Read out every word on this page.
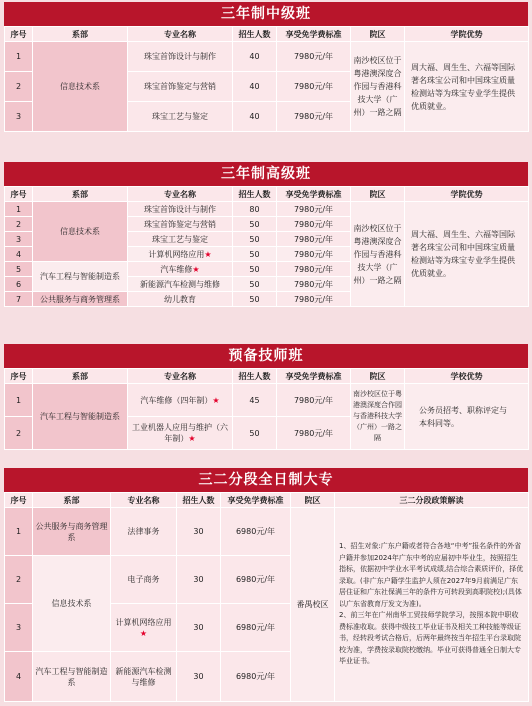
三年制中级班
序号	系部	专业名称	招生人数	享受免学费标准	院区	学院优势
1	信息技术系	珠宝首饰设计与制作	40	7980元/年	南沙校区位于粤港澳深度合作园与香港科技大学（广州）一路之隔	周大福、周生生、六福等国际著名珠宝公司和中国珠宝质量检测站等为珠宝专业学生提供优质就业。
2		珠宝首饰鉴定与营销	40	7980元/年		
3		珠宝工艺与鉴定	40	7980元/年		
三年制高级班
序号	系部	专业名称	招生人数	享受免学费标准	院区	学院优势
1	信息技术系	珠宝首饰设计与制作	80	7980元/年	南沙校区位于粤港澳深度合作园与香港科技大学（广州）一路之隔	周大福、周生生、六福等国际著名珠宝公司和中国珠宝质量检测站等为珠宝专业学生提供优质就业。
2		珠宝首饰鉴定与营销	50	7980元/年		
3		珠宝工艺与鉴定	50	7980元/年		
4		计算机网络应用★	50	7980元/年		
5	汽车工程与智能制造系	汽车维修★	50	7980元/年		
6		新能源汽车检测与维修	50	7980元/年		
7	公共服务与商务管理系	幼儿教育	50	7980元/年		
预备技师班
序号	系部	专业名称	招生人数	享受免学费标准	院区	学校优势
1	汽车工程与智能制造系	汽车维修（四年制）★	45	7980元/年	南沙校区位于粤港澳深度合作园与香港科技大学（广州）一路之隔	公务员招考、职称评定与本科同等。
2		工业机器人应用与维护（六年制）★	50	7980元/年		
三二分段全日制大专
序号	系部	专业名称	招生人数	享受免学费标准	院区	三二分段政策解读
1	公共服务与商务管理系	法律事务	30	6980元/年	番禺校区	1、招生对象:广东户籍或者符合各地“中考”报名条件的外省户籍并参加2024年广东中考的应届初中毕业生，按照招生指标，依据初中学业水平考试成绩,结合综合素质评价，择优录取。(非广东户籍学生监护人须在2027年9月前满足广东居住证和广东社保满三年的条件方可转段到高职院校);(具体以广东省教育厅发文为准)。
2、前三年在广州南华工贸技师学院学习，按照本院中职收费标准收取。获得中级技工毕业证书及相关工种技能等级证书，经转段考试合格后，后两年最终按当年招生平台录取院校为准，学费按录取院校缴纳。毕业可获得普通全日制大专毕业证书。

2	信息技术系	电子商务	30	6980元/年		
3		计算机网络应用★	30	6980元/年		
4	汽车工程与智能制造系	新能源汽车检测与维修	30	6980元/年		
